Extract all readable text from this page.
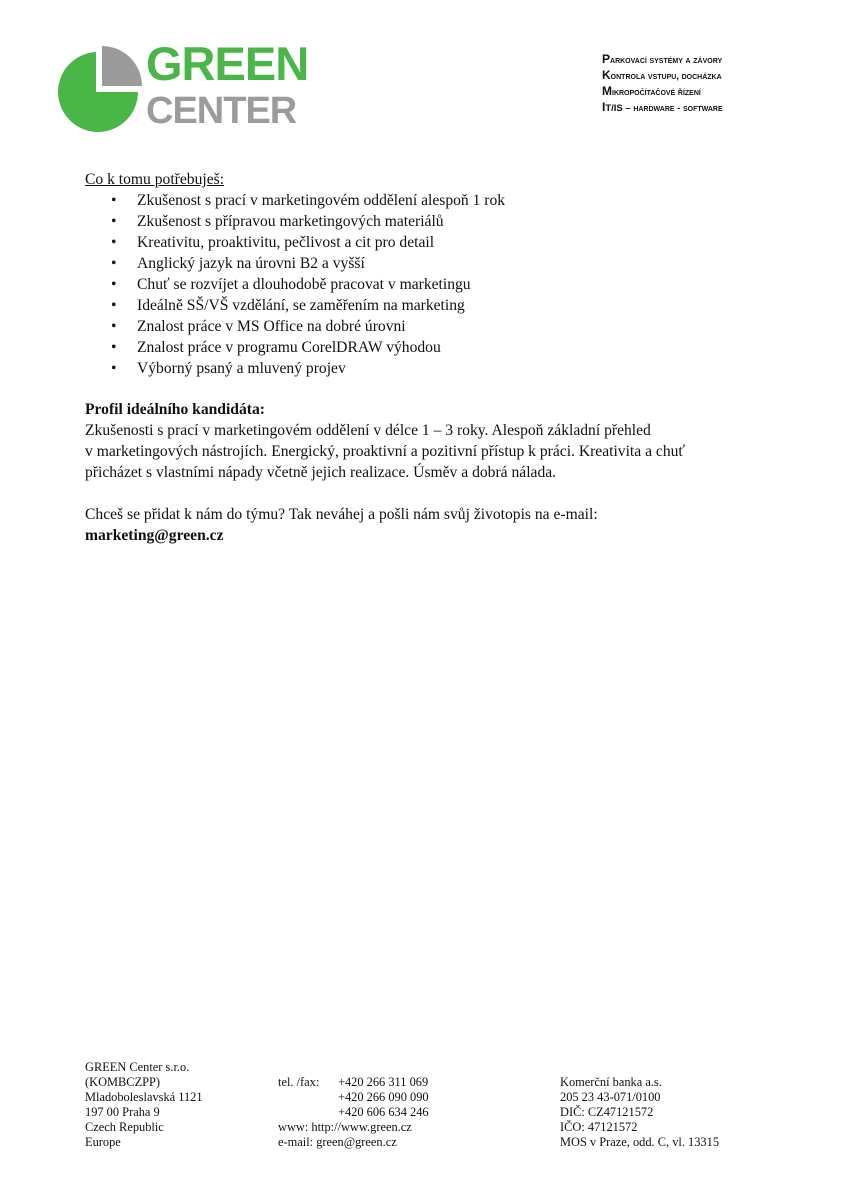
GREEN
CENTER
Parkovací systémy a závory
Kontrola vstupu, docházka
Mikropočítačové řízení
IT/IS – hardware - software
Co k tomu potřebuješ:
• Zkušenost s prací v marketingovém oddělení alespoň 1 rok
• Zkušenost s přípravou marketingových materiálů
• Kreativitu, proaktivitu, pečlivost a cit pro detail
• Anglický jazyk na úrovni B2 a vyšší
• Chuť se rozvíjet a dlouhodobě pracovat v marketingu
• Ideálně SŠ/VŠ vzdělání, se zaměřením na marketing
• Znalost práce v MS Office na dobré úrovni
• Znalost práce v programu CorelDRAW výhodou
• Výborný psaný a mluvený projev
Profil ideálního kandidáta:
Zkušenosti s prací v marketingovém oddělení v délce 1 – 3 roky. Alespoň základní přehled
v marketingových nástrojích. Energický, proaktivní a pozitivní přístup k práci. Kreativita a chuť
přicházet s vlastními nápady včetně jejich realizace. Úsměv a dobrá nálada.
Chceš se přidat k nám do týmu? Tak neváhej a pošli nám svůj životopis na e-mail:
marketing@green.cz
GREEN Center s.r.o.
(KOMBCZPP)
Mladoboleslavská 1121
197 00 Praha 9
Czech Republic
Europe
tel. /fax:

www: http://www.green.cz
e-mail: green@green.cz
+420 266 311 069
+420 266 090 090
+420 606 634 246
Komerční banka a.s.
205 23 43-071/0100
DIČ: CZ47121572
IČO: 47121572
MOS v Praze, odd. C, vl. 13315
